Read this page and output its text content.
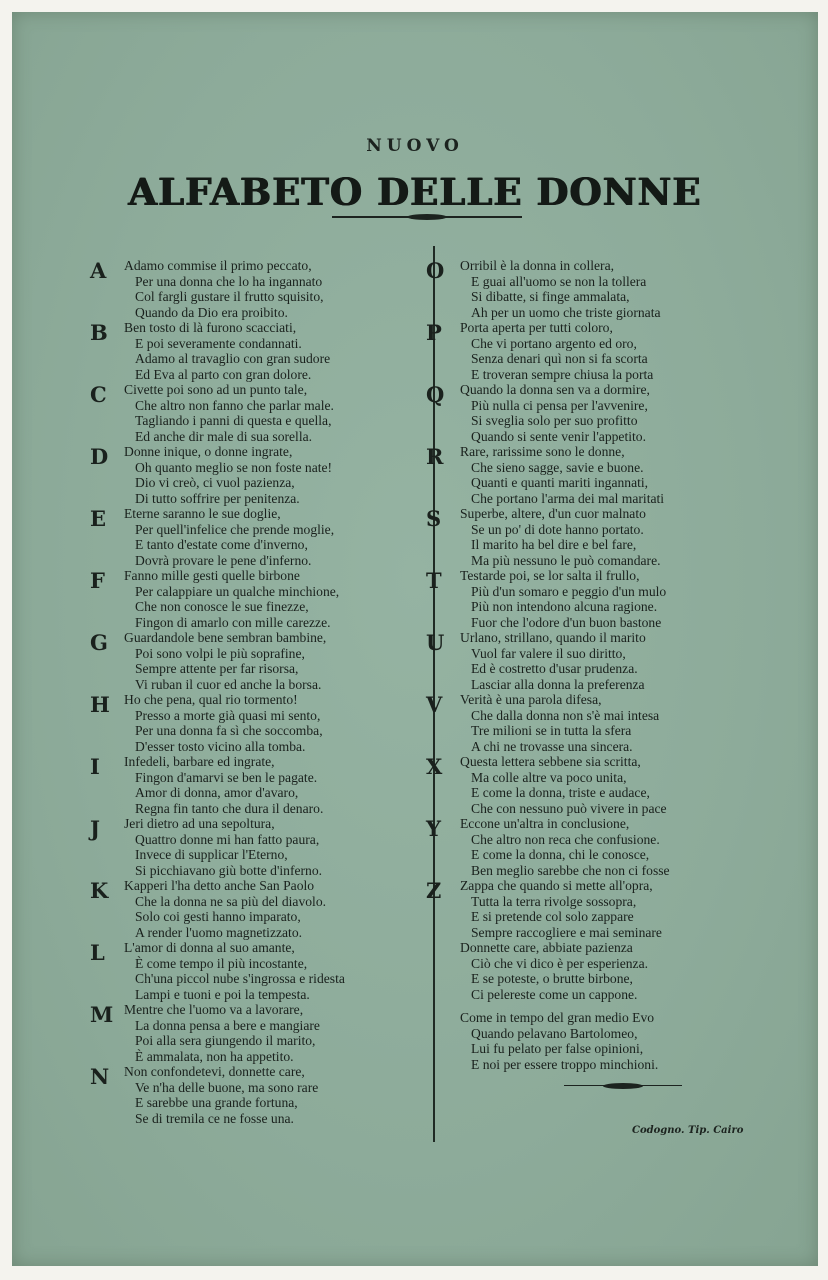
NUOVO
ALFABETO DELLE DONNE
A Adamo commise il primo peccato,
Per una donna che lo ha ingannato
Col fargli gustare il frutto squisito,
Quando da Dio era proibito.
B Ben tosto di là furono scacciati,
E poi severamente condannati.
Adamo al travaglio con gran sudore
Ed Eva al parto con gran dolore.
C Civette poi sono ad un punto tale,
Che altro non fanno che parlar male.
Tagliando i panni di questa e quella,
Ed anche dir male di sua sorella.
D Donne inique, o donne ingrate,
Oh quanto meglio se non foste nate!
Dio vi creò, ci vuol pazienza,
Di tutto soffrire per penitenza.
E Eterne saranno le sue doglie,
Per quell'infelice che prende moglie,
E tanto d'estate come d'inverno,
Dovrà provare le pene d'inferno.
F Fanno mille gesti quelle birbone
Per calappiare un qualche minchione,
Che non conosce le sue finezze,
Fingon di amarlo con mille carezze.
G Guardandole bene sembran bambine,
Poi sono volpi le più soprafine,
Sempre attente per far risorsa,
Vi ruban il cuor ed anche la borsa.
H Ho che pena, qual rio tormento!
Presso a morte già quasi mi sento,
Per una donna fa sì che soccomba,
D'esser tosto vicino alla tomba.
I Infedeli, barbare ed ingrate,
Fingon d'amarvi se ben le pagate.
Amor di donna, amor d'avaro,
Regna fin tanto che dura il denaro.
J Jeri dietro ad una sepoltura,
Quattro donne mi han fatto paura,
Invece di supplicar l'Eterno,
Si picchiavano giù botte d'inferno.
K Kapperi l'ha detto anche San Paolo
Che la donna ne sa più del diavolo.
Solo coi gesti hanno imparato,
A render l'uomo magnetizzato.
L L'amor di donna al suo amante,
È come tempo il più incostante,
Ch'una piccol nube s'ingrossa e ridesta
Lampi e tuoni e poi la tempesta.
M Mentre che l'uomo va a lavorare,
La donna pensa a bere e mangiare
Poi alla sera giungendo il marito,
È ammalata, non ha appetito.
N Non confondetevi, donnette care,
Ve n'ha delle buone, ma sono rare
E sarebbe una grande fortuna,
Se di tremila ce ne fosse una.
O Orribil è la donna in collera,
E guai all'uomo se non la tollera
Si dibatte, si finge ammalata,
Ah per un uomo che triste giornata
P Porta aperta per tutti coloro,
Che vi portano argento ed oro,
Senza denari quì non si fa scorta
E troveran sempre chiusa la porta
Q Quando la donna sen va a dormire,
Più nulla ci pensa per l'avvenire,
Si sveglia solo per suo profitto
Quando si sente venir l'appetito.
R Rare, rarissime sono le donne,
Che sieno sagge, savie e buone.
Quanti e quanti mariti ingannati,
Che portano l'arma dei mal maritati
S Superbe, altere, d'un cuor malnato
Se un po' di dote hanno portato.
Il marito ha bel dire e bel fare,
Ma più nessuno le può comandare.
T Testarde poi, se lor salta il frullo,
Più d'un somaro e peggio d'un mulo
Più non intendono alcuna ragione.
Fuor che l'odore d'un buon bastone
U Urlano, strillano, quando il marito
Vuol far valere il suo diritto,
Ed è costretto d'usar prudenza.
Lasciar alla donna la preferenza
V Verità è una parola difesa,
Che dalla donna non s'è mai intesa
Tre milioni se in tutta la sfera
A chi ne trovasse una sincera.
X Questa lettera sebbene sia scritta,
Ma colle altre va poco unita,
E come la donna, triste e audace,
Che con nessuno può vivere in pace
Y Eccone un'altra in conclusione,
Che altro non reca che confusione.
E come la donna, chi le conosce,
Ben meglio sarebbe che non ci fosse
Z Zappa che quando si mette all'opra,
Tutta la terra rivolge sossopra,
E si pretende col solo zappare
Sempre raccogliere e mai seminare
Donnette care, abbiate pazienza
Ciò che vi dico è per esperienza.
E se poteste, o brutte birbone,
Ci pelereste come un cappone.
Come in tempo del gran medio Evo
Quando pelavano Bartolomeo,
Lui fu pelato per false opinioni,
E noi per essere troppo minchioni.
Codogno. Tip. Cairo
